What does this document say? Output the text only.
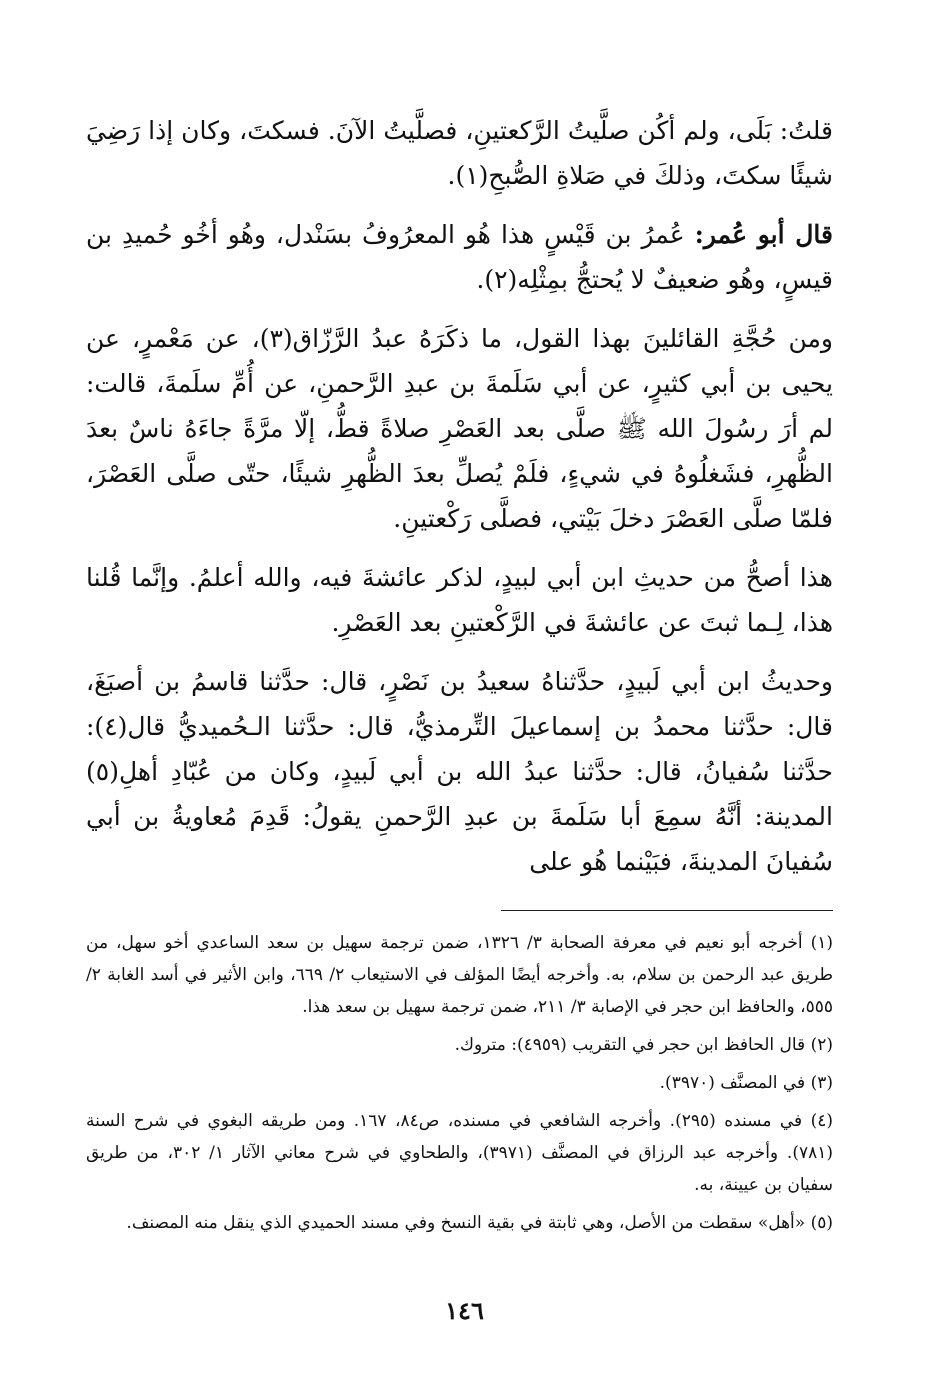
قلتُ: بَلَى، ولم أكُن صلَّيتُ الرَّكعتينِ، فصلَّيتُ الآنَ. فسكتَ، وكان إذا رَضِيَ شيئًا سكتَ، وذلكَ في صَلاةِ الصُّبحِ(١).

قال أبو عُمر: عُمرُ بن قَيْسٍ هذا هُو المعرُوفُ بسَنْدل، وهُو أخُو حُميدِ بن قيسٍ، وهُو ضعيفٌ لا يُحتجُّ بمِثْلِه(٢).

ومن حُجَّةِ القائلينَ بهذا القول، ما ذكَرَهُ عبدُ الرَّزّاق(٣)، عن مَعْمرٍ، عن يحيى بن أبي كثيرٍ، عن أبي سَلَمةَ بن عبدِ الرَّحمنِ، عن أُمِّ سلَمةَ، قالت: لم أرَ رسُولَ الله ﷺ صلَّى بعد العَصْرِ صلاةً قطُّ، إلّا مرَّةً جاءَهُ ناسٌ بعدَ الظُّهرِ، فشَغلُوهُ في شيءٍ، فلَمْ يُصلِّ بعدَ الظُّهرِ شيئًا، حتّى صلَّى العَصْرَ، فلمّا صلَّى العَصْرَ دخلَ بَيْتي، فصلَّى رَكْعتينِ.

هذا أصحُّ من حديثِ ابن أبي لبيدٍ، لذكر عائشةَ فيه، والله أعلمُ. وإنَّما قُلنا هذا، لِـما ثبتَ عن عائشةَ في الرَّكْعتينِ بعد العَصْرِ.

وحديثُ ابن أبي لَبيدٍ، حدَّثناهُ سعيدُ بن نَصْرٍ، قال: حدَّثنا قاسمُ بن أصبَغَ، قال: حدَّثنا محمدُ بن إسماعيلَ التِّرمذيُّ، قال: حدَّثنا الـحُميديُّ قال(٤): حدَّثنا سُفيانُ، قال: حدَّثنا عبدُ الله بن أبي لَبيدٍ، وكان من عُبّادِ أهلِ(٥) المدينة: أنَّهُ سمِعَ أبا سَلَمةَ بن عبدِ الرَّحمنِ يقولُ: قَدِمَ مُعاويةُ بن أبي سُفيانَ المدينةَ، فبَيْنما هُو على

(١) أخرجه أبو نعيم في معرفة الصحابة ٣/ ١٣٢٦، ضمن ترجمة سهيل بن سعد الساعدي أخو سهل، من طريق عبد الرحمن بن سلام، به. وأخرجه أيضًا المؤلف في الاستيعاب ٢/ ٦٦٩، وابن الأثير في أسد الغابة ٢/ ٥٥٥، والحافظ ابن حجر في الإصابة ٣/ ٢١١، ضمن ترجمة سهيل بن سعد هذا.

(٢) قال الحافظ ابن حجر في التقريب (٤٩٥٩): متروك.

(٣) في المصنَّف (٣٩٧٠).

(٤) في مسنده (٢٩٥). وأخرجه الشافعي في مسنده، ص٨٤، ١٦٧. ومن طريقه البغوي في شرح السنة (٧٨١). وأخرجه عبد الرزاق في المصنَّف (٣٩٧١)، والطحاوي في شرح معاني الآثار ١/ ٣٠٢، من طريق سفيان بن عيينة، به.

(٥) «أهل» سقطت من الأصل، وهي ثابتة في بقية النسخ وفي مسند الحميدي الذي ينقل منه المصنف.

١٤٦
